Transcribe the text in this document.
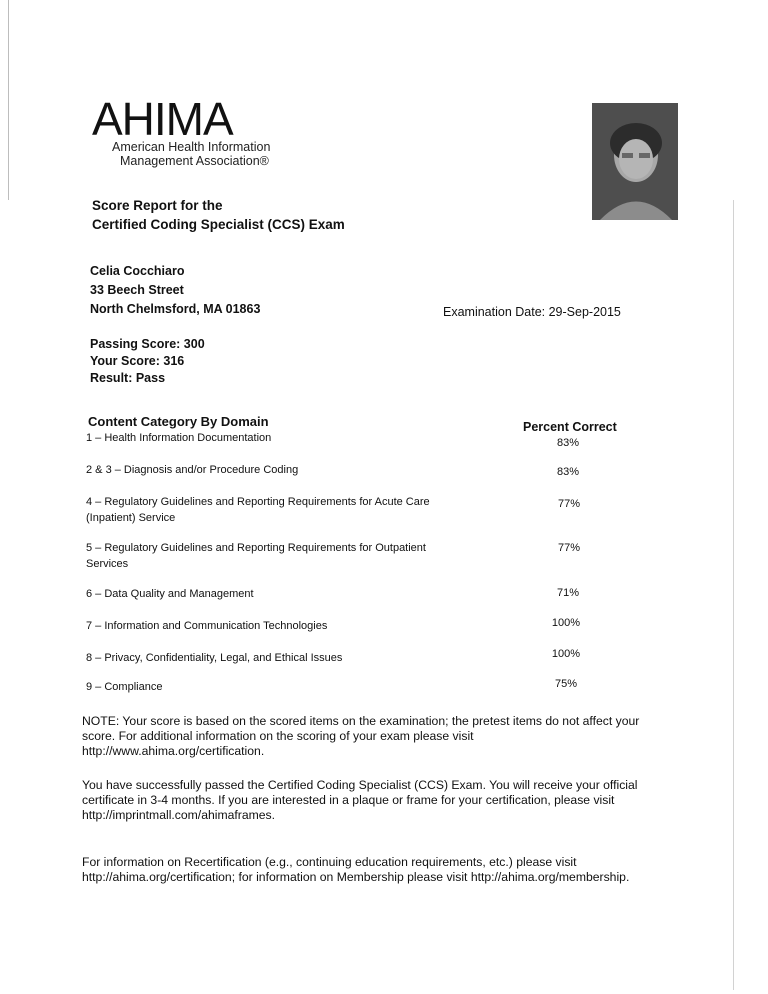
AHIMA
American Health Information
Management Association®
Score Report for the
Certified Coding Specialist (CCS) Exam
Celia Cocchiaro
33 Beech Street
North Chelmsford, MA 01863	Examination Date: 29-Sep-2015
Passing Score: 300
Your Score: 316
Result: Pass
Content Category By Domain	Percent Correct
1 – Health Information Documentation	83%
2 & 3 – Diagnosis and/or Procedure Coding	83%
4 – Regulatory Guidelines and Reporting Requirements for Acute Care (Inpatient) Service
77%
5 – Regulatory Guidelines and Reporting Requirements for Outpatient Services
77%
6 – Data Quality and Management	71%
7 – Information and Communication Technologies	100%
8 – Privacy, Confidentiality, Legal, and Ethical Issues	100%
9 – Compliance	75%
NOTE: Your score is based on the scored items on the examination; the pretest items do not affect your score. For additional information on the scoring of your exam please visit http://www.ahima.org/certification.
You have successfully passed the Certified Coding Specialist (CCS) Exam. You will receive your official certificate in 3-4 months. If you are interested in a plaque or frame for your certification, please visit http://imprintmall.com/ahimaframes.
For information on Recertification (e.g., continuing education requirements, etc.) please visit http://ahima.org/certification; for information on Membership please visit http://ahima.org/membership.
